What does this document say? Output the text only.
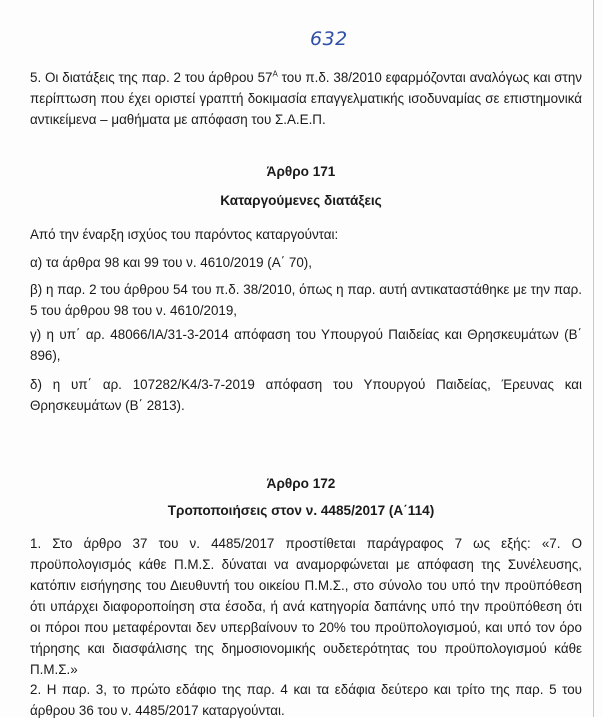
632

5. Οι διατάξεις της παρ. 2 του άρθρου $57^A$ του π.δ. 38/2010 εφαρμόζονται αναλόγως και στην περίπτωση που έχει οριστεί γραπτή δοκιμασία επαγγελματικής ισοδυναμίας σε επιστημονικά αντικείμενα – μαθήματα με απόφαση του Σ.Α.Ε.Π.

Άρθρο 171

Καταργούμενες διατάξεις

Από την έναρξη ισχύος του παρόντος καταργούνται:

α) τα άρθρα 98 και 99 του ν. 4610/2019 (Α΄ 70),

β) η παρ. 2 του άρθρου 54 του π.δ. 38/2010, όπως η παρ. αυτή αντικαταστάθηκε με την παρ. 5 του άρθρου 98 του ν. 4610/2019,

γ) η υπ΄ αρ. 48066/ΙΑ/31-3-2014 απόφαση του Υπουργού Παιδείας και Θρησκευμάτων (Β΄ 896),

δ) η υπ΄ αρ. 107282/Κ4/3-7-2019 απόφαση του Υπουργού Παιδείας, Έρευνας και Θρησκευμάτων (Β΄ 2813).

Άρθρο 172

Τροποποιήσεις στον ν. 4485/2017 (Α΄114)

1. Στο άρθρο 37 του ν. 4485/2017 προστίθεται παράγραφος 7 ως εξής: «7. Ο προϋπολογισμός κάθε Π.Μ.Σ. δύναται να αναμορφώνεται με απόφαση της Συνέλευσης, κατόπιν εισήγησης του Διευθυντή του οικείου Π.Μ.Σ., στο σύνολο του υπό την προϋπόθεση ότι υπάρχει διαφοροποίηση στα έσοδα, ή ανά κατηγορία δαπάνης υπό την προϋπόθεση ότι οι πόροι που μεταφέρονται δεν υπερβαίνουν το 20% του προϋπολογισμού, και υπό τον όρο τήρησης και διασφάλισης της δημοσιονομικής ουδετερότητας του προϋπολογισμού κάθε Π.Μ.Σ.»

2. Η παρ. 3, το πρώτο εδάφιο της παρ. 4 και τα εδάφια δεύτερο και τρίτο της παρ. 5 του άρθρου 36 του ν. 4485/2017 καταργούνται.
